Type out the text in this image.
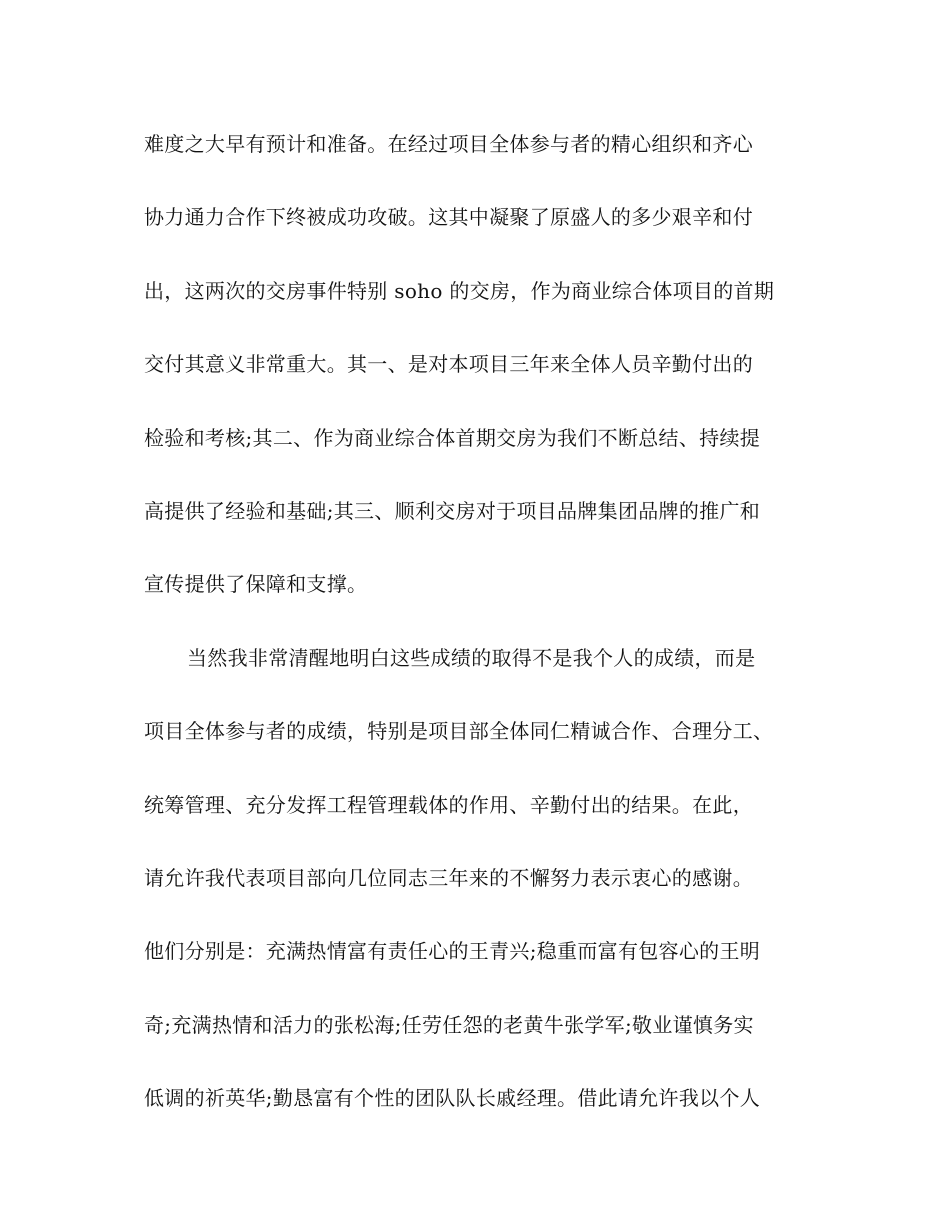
难度之大早有预计和准备。在经过项目全体参与者的精心组织和齐心
协力通力合作下终被成功攻破。这其中凝聚了原盛人的多少艰辛和付
出，这两次的交房事件特别 soho 的交房，作为商业综合体项目的首期
交付其意义非常重大。其一、是对本项目三年来全体人员辛勤付出的
检验和考核;其二、作为商业综合体首期交房为我们不断总结、持续提
高提供了经验和基础;其三、顺利交房对于项目品牌集团品牌的推广和
宣传提供了保障和支撑。
当然我非常清醒地明白这些成绩的取得不是我个人的成绩，而是
项目全体参与者的成绩，特别是项目部全体同仁精诚合作、合理分工、
统筹管理、充分发挥工程管理载体的作用、辛勤付出的结果。在此，
请允许我代表项目部向几位同志三年来的不懈努力表示衷心的感谢。
他们分别是：充满热情富有责任心的王青兴;稳重而富有包容心的王明
奇;充满热情和活力的张松海;任劳任怨的老黄牛张学军;敬业谨慎务实
低调的祈英华;勤恳富有个性的团队队长戚经理。借此请允许我以个人
